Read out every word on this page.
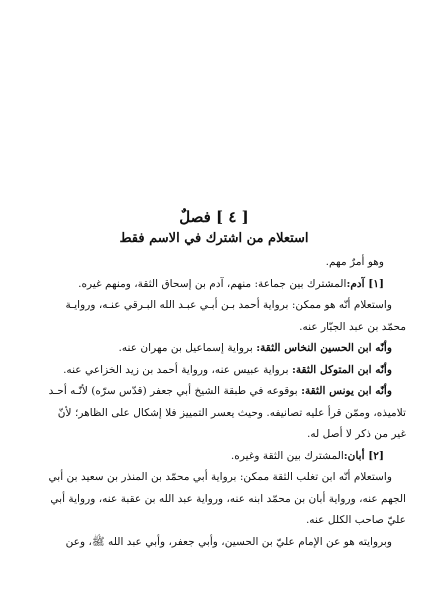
[ ٤ ] فصلٌ
استعلام من اشترك في الاسم فقط

وهو أمرٌ مهم.

[١] آدم:المشترك بين جماعة: منهم، آدم بن إسحاق الثقة، ومنهم غيره.

واستعلام أنّه هو ممكن: برواية أحمد بـن أبـي عبـد الله البـرقي عنـه، وروايـة

محمّد بن عبد الجبّار عنه.

وأنّه ابن الحسين النخاس الثقة: برواية إسماعيل بن مهران عنه.

وأنّه ابن المتوكل الثقة: برواية عبيس عنه، ورواية أحمد بن زيد الخزاعي عنه.

وأنّه ابن يونس الثقة: بوقوعه في طبقة الشيخ أبي جعفر (قدّس سرّه) لأنّـه أحـد

تلاميذه، وممّن قرأ عليه تصانيفه. وحيث يعسر التمييز فلا إشكال على الظاهر؛ لأنّ

غير من ذكر لا أصل له.

[٢] أبان:المشترك بين الثقة وغيره.

واستعلام أنّه ابن تغلب الثقة ممكن: برواية أبي محمّد بن المنذر بن سعيد بن أبي

الجهم عنه، ورواية أبان بن محمّد ابنه عنه، ورواية عبد الله بن عقبة عنه، ورواية أبي

عليّ صاحب الكلل عنه.

وبروايته هو عن الإمام عليّ بن الحسين، وأبي جعفر، وأبي عبد الله ﷺ، وعن
